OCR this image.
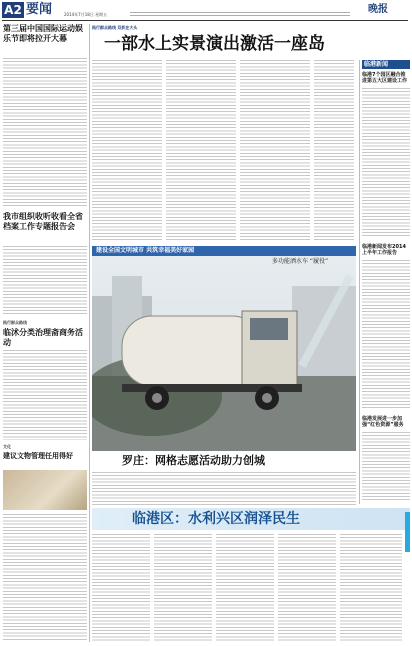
A2 要闻	2014年7月18日 星期五	晚报
第三届中国国际运动娱乐节即将拉开大幕
我市组织收听收看全省档案工作专题报告会
践行群众路线
临沭分类治理斋商务活动
文化
建议文物管理任用得好
践行群众路线 双抓在大头
一部水上实景演出激活一座岛
临港新闻
临港7个园区融合推进第五大区建设工作
临港新闻发布2014上半年工作报告
临港发展进一步加强“红色资源”服务
建设全国文明城市 共筑幸福美好家园
多功能洒水车 “履役”
罗庄：网格志愿活动助力创城
临港区：水利兴区润泽民生
